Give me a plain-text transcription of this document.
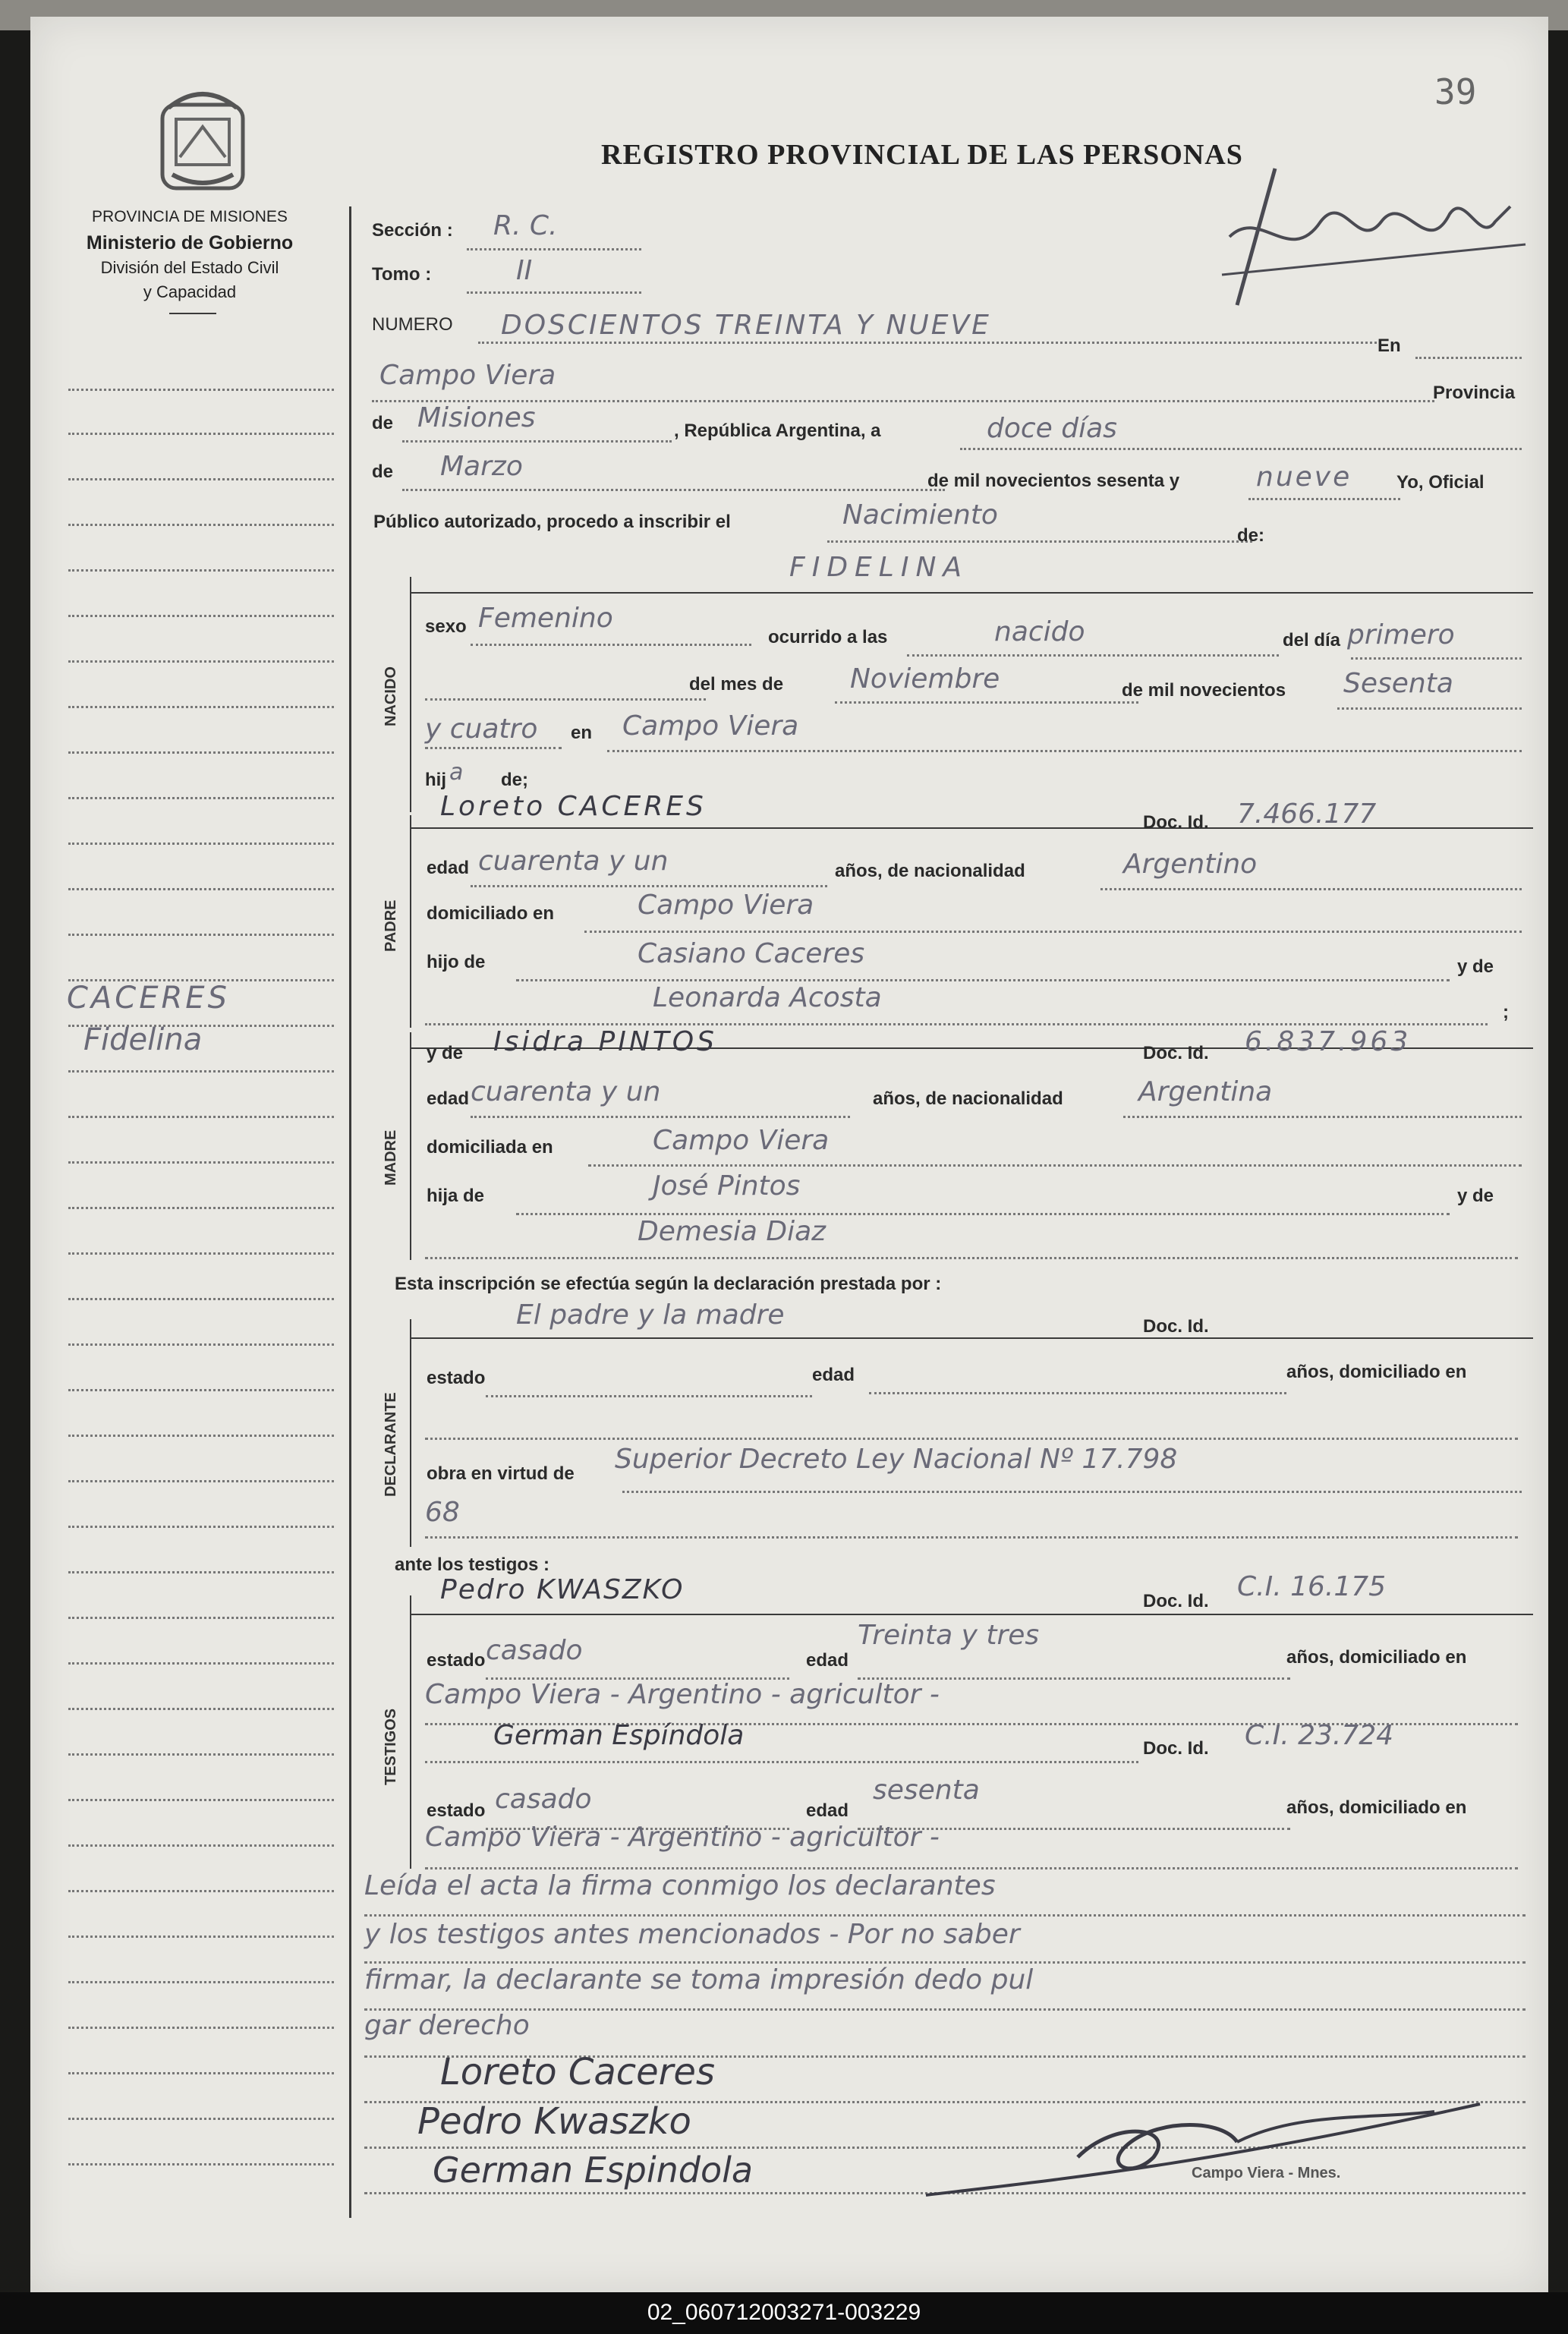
39
PROVINCIA DE MISIONES
Ministerio de Gobierno
División del Estado Civil
y Capacidad
REGISTRO PROVINCIAL DE LAS PERSONAS
CACERES
Fidelina
Sección : R. C.
Tomo :	II
NUMERO DOSCIENTOS TREINTA Y NUEVE
En
Campo Viera
Provincia
de Misiones	, República Argentina, a	doce días
de Marzo	de mil novecientos sesenta y	nueve Yo, Oficial
Público autorizado, procedo a inscribir el	Nacimiento
de:
NACIDO
FIDELINA
sexo Femenino
ocurrido a las	nacido	del día primero
del mes de Noviembre	de mil novecientos Sesenta
y cuatro en Campo Viera
hij a de;
PADRE
Loreto CACERES
Doc. Id. 7.466.177
edad cuarenta y un	años, de nacionalidad	Argentino
domiciliado en	Campo Viera
hijo de	Casiano Caceres	y de
Leonarda Acosta	;
MADRE
y de Isidra PINTOS	Doc. Id. 6.837.963
edad cuarenta y un	años, de nacionalidad	Argentina
domiciliada en	Campo Viera
hija de	José Pintos	y de
Demesia Diaz
Esta inscripción se efectúa según la declaración prestada por :
DECLARANTE
El padre y la madre	Doc. Id.
estado	edad	años, domiciliado en
obra en virtud de Superior Decreto Ley Nacional Nº 17.798
68
ante los testigos :
TESTIGOS
Pedro KWASZKO	Doc. Id. C.I. 16.175
estado casado	edad
Treinta y tres
años, domiciliado en
Campo Viera - Argentino - agricultor -
German Espíndola	Doc. Id. C.I. 23.724
estado casado	edad
sesenta
años, domiciliado en
Campo Viera - Argentino - agricultor -
Leída el acta la firma conmigo los declarantes
y los testigos antes mencionados - Por no saber
firmar, la declarante se toma impresión dedo pul
gar derecho
Loreto Caceres
Pedro Kwaszko
German Espindola	Campo Viera - Mnes.
02_060712003271-003229
